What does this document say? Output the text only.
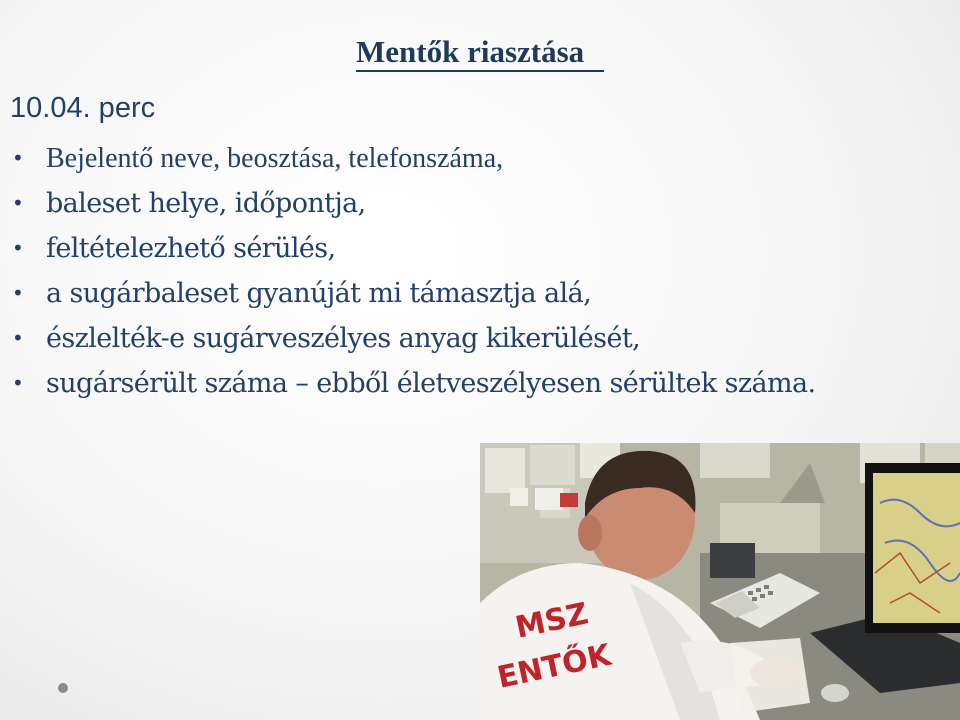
Mentők riasztása
10.04. perc
• Bejelentő neve, beosztása, telefonszáma,
• baleset helye, időpontja,
• feltételezhető sérülés,
• a sugárbaleset gyanúját mi támasztja alá,
• észlelték-e sugárveszélyes anyag kikerülését,
• sugársérült száma – ebből életveszélyesen sérültek száma.
MSZ
ENTŐK
